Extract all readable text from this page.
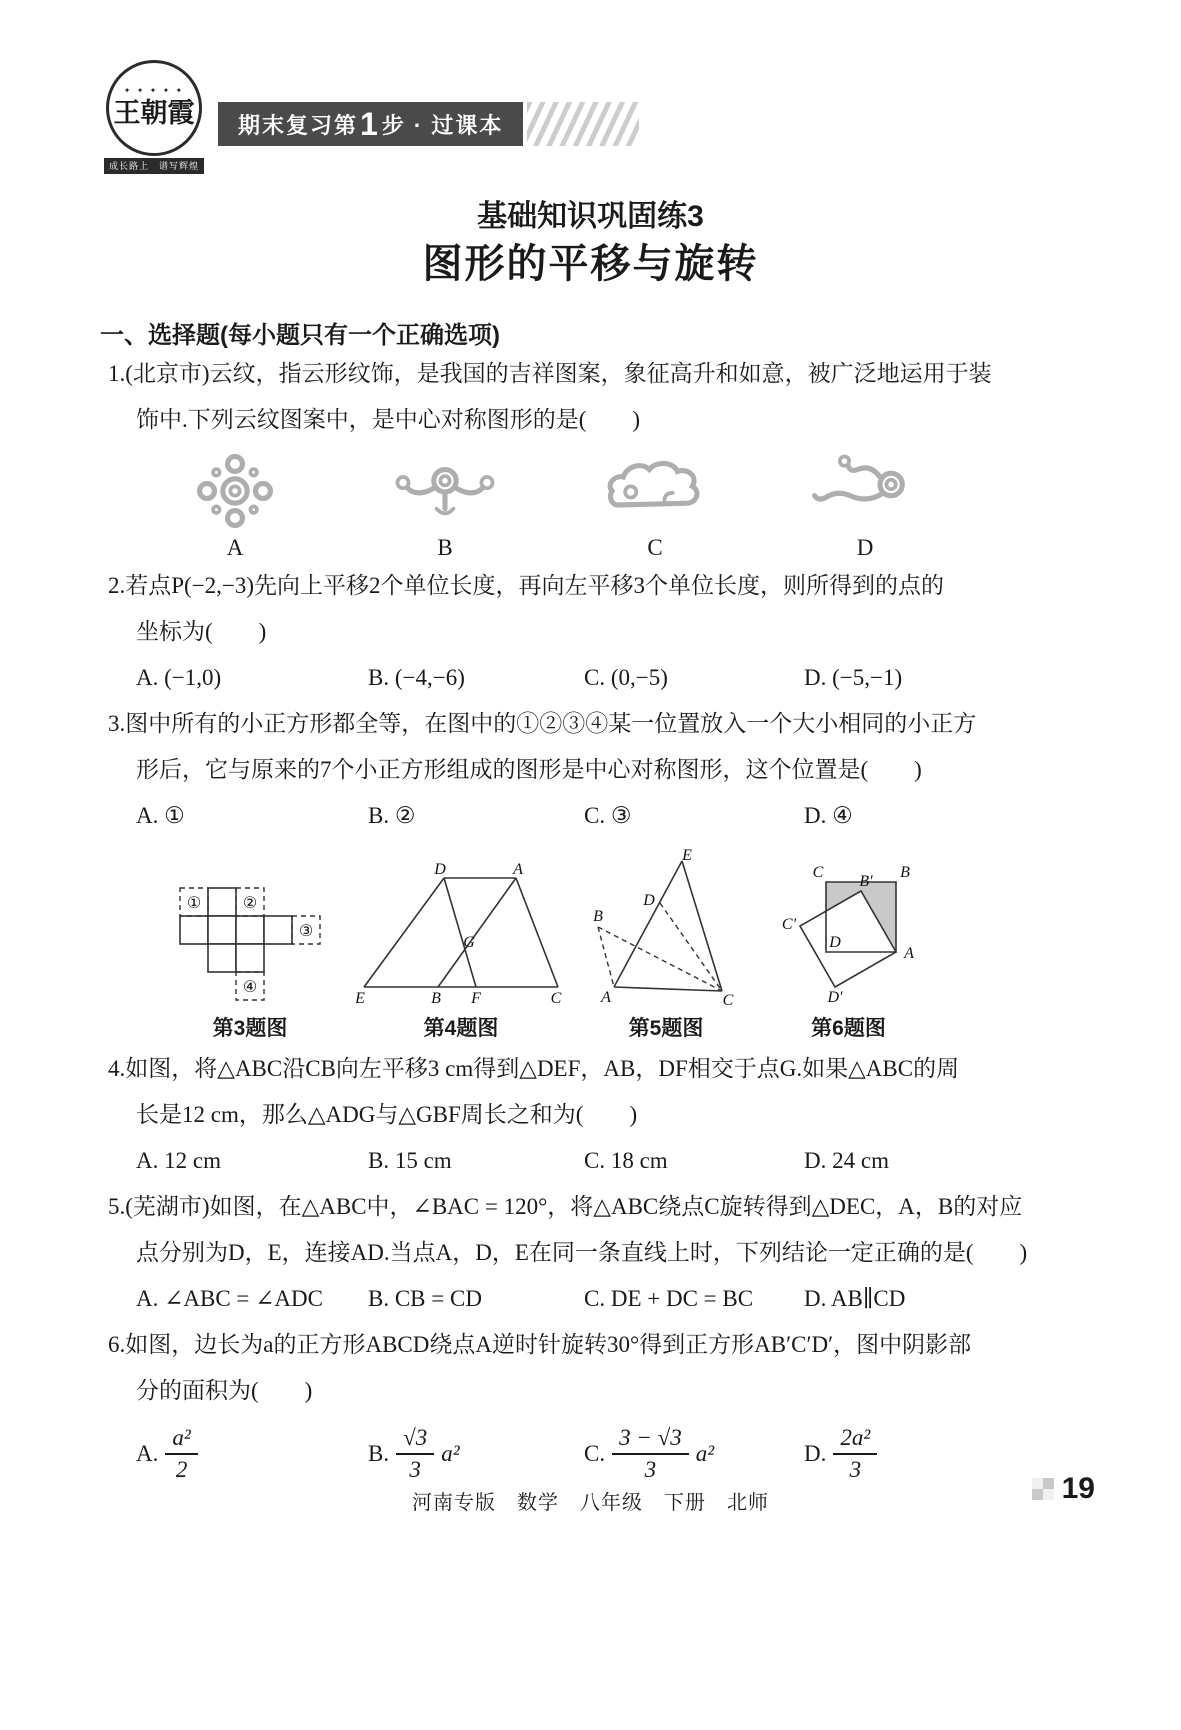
✦ ✦ ✦ ✦ ✦
王朝霞
成长路上　谱写辉煌
期末复习第 1 步 · 过课本
基础知识巩固练3
图形的平移与旋转
一、选择题(每小题只有一个正确选项)
1.(北京市)云纹，指云形纹饰，是我国的吉祥图案，象征高升和如意，被广泛地运用于装
饰中.下列云纹图案中，是中心对称图形的是(　　)
A	B	C	D
2.若点P(−2,−3)先向上平移2个单位长度，再向左平移3个单位长度，则所得到的点的
坐标为(　　)
A. (−1,0)	B. (−4,−6)	C. (0,−5)	D. (−5,−1)
3.图中所有的小正方形都全等，在图中的①②③④某一位置放入一个大小相同的小正方
形后，它与原来的7个小正方形组成的图形是中心对称图形，这个位置是(　　)
A. ①	B. ②	C. ③	D. ④
①	②
③
④
第3题图
D	A
G
E	B F	C
第4题图
E
D
B
A	C
第5题图
C
B′
B
C′
D
A
D′
第6题图
4.如图，将△ABC沿CB向左平移3 cm得到△DEF，AB，DF相交于点G.如果△ABC的周
长是12 cm，那么△ADG与△GBF周长之和为(　　)
A. 12 cm	B. 15 cm	C. 18 cm	D. 24 cm
5.(芜湖市)如图，在△ABC中，∠BAC = 120°，将△ABC绕点C旋转得到△DEC，A，B的对应
点分别为D，E，连接AD.当点A，D，E在同一条直线上时，下列结论一定正确的是(　　)
A. ∠ABC = ∠ADC	B. CB = CD	C. DE + DC = BC	D. AB∥CD
6.如图，边长为a的正方形ABCD绕点A逆时针旋转30°得到正方形AB′C′D′，图中阴影部
分的面积为(　　)
A. $\frac{\text{a²}}{2}$	B. $\frac{√3}{3} a^2$	C. $\frac{3 - √3}{3} a^2$	D. $\frac{\text{2a²}}{3}$
河南专版　数学　八年级　下册　北师	19
